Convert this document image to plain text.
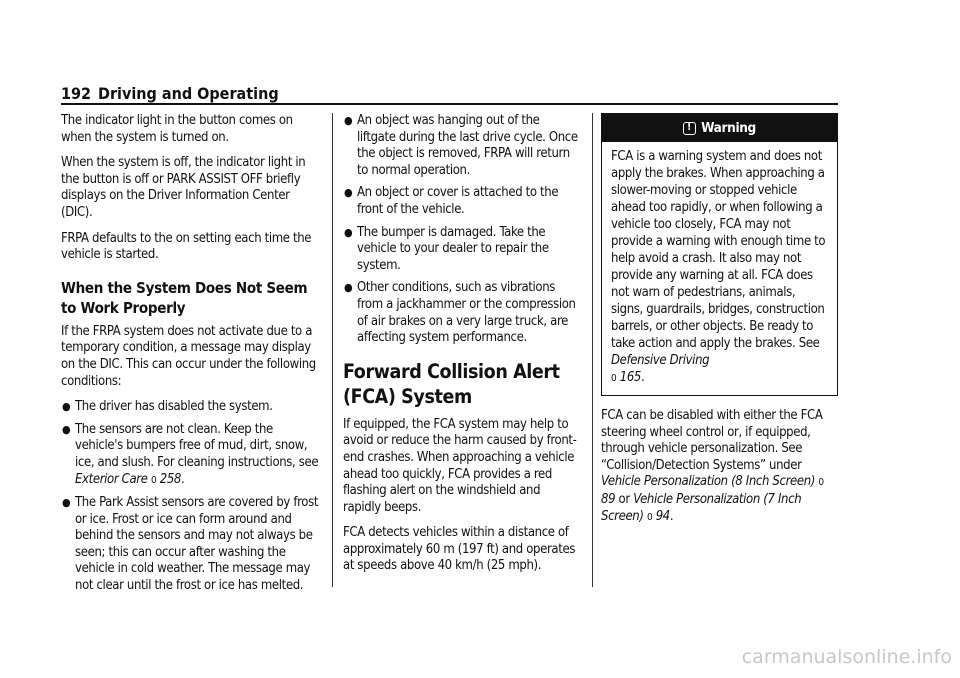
192 Driving and Operating

The indicator light in the button comes on when the system is turned on.

When the system is off, the indicator light in the button is off or PARK ASSIST OFF briefly displays on the Driver Information Center (DIC).

FRPA defaults to the on setting each time the vehicle is started.

When the System Does Not Seem to Work Properly

If the FRPA system does not activate due to a temporary condition, a message may display on the DIC. This can occur under the following conditions:

● The driver has disabled the system.
● The sensors are not clean. Keep the vehicle's bumpers free of mud, dirt, snow, ice, and slush. For cleaning instructions, see Exterior Care 0 258.
● The Park Assist sensors are covered by frost or ice. Frost or ice can form around and behind the sensors and may not always be seen; this can occur after washing the vehicle in cold weather. The message may not clear until the frost or ice has melted.
● An object was hanging out of the liftgate during the last drive cycle. Once the object is removed, FRPA will return to normal operation.
● An object or cover is attached to the front of the vehicle.
● The bumper is damaged. Take the vehicle to your dealer to repair the system.
● Other conditions, such as vibrations from a jackhammer or the compression of air brakes on a very large truck, are affecting system performance.
Forward Collision Alert (FCA) System

If equipped, the FCA system may help to avoid or reduce the harm caused by front-end crashes. When approaching a vehicle ahead too quickly, FCA provides a red flashing alert on the windshield and rapidly beeps.

FCA detects vehicles within a distance of approximately 60 m (197 ft) and operates at speeds above 40 km/h (25 mph).

!
Warning
FCA is a warning system and does not apply the brakes. When approaching a slower-moving or stopped vehicle ahead too rapidly, or when following a vehicle too closely, FCA may not provide a warning with enough time to help avoid a crash. It also may not provide any warning at all. FCA does not warn of pedestrians, animals, signs, guardrails, bridges, construction barrels, or other objects. Be ready to take action and apply the brakes. See Defensive Driving
0 165.

FCA can be disabled with either the FCA steering wheel control or, if equipped, through vehicle personalization. See “Collision/Detection Systems” under Vehicle Personalization (8 Inch Screen) 0 89 or Vehicle Personalization (7 Inch Screen) 0 94.

carmanualsonline.info
